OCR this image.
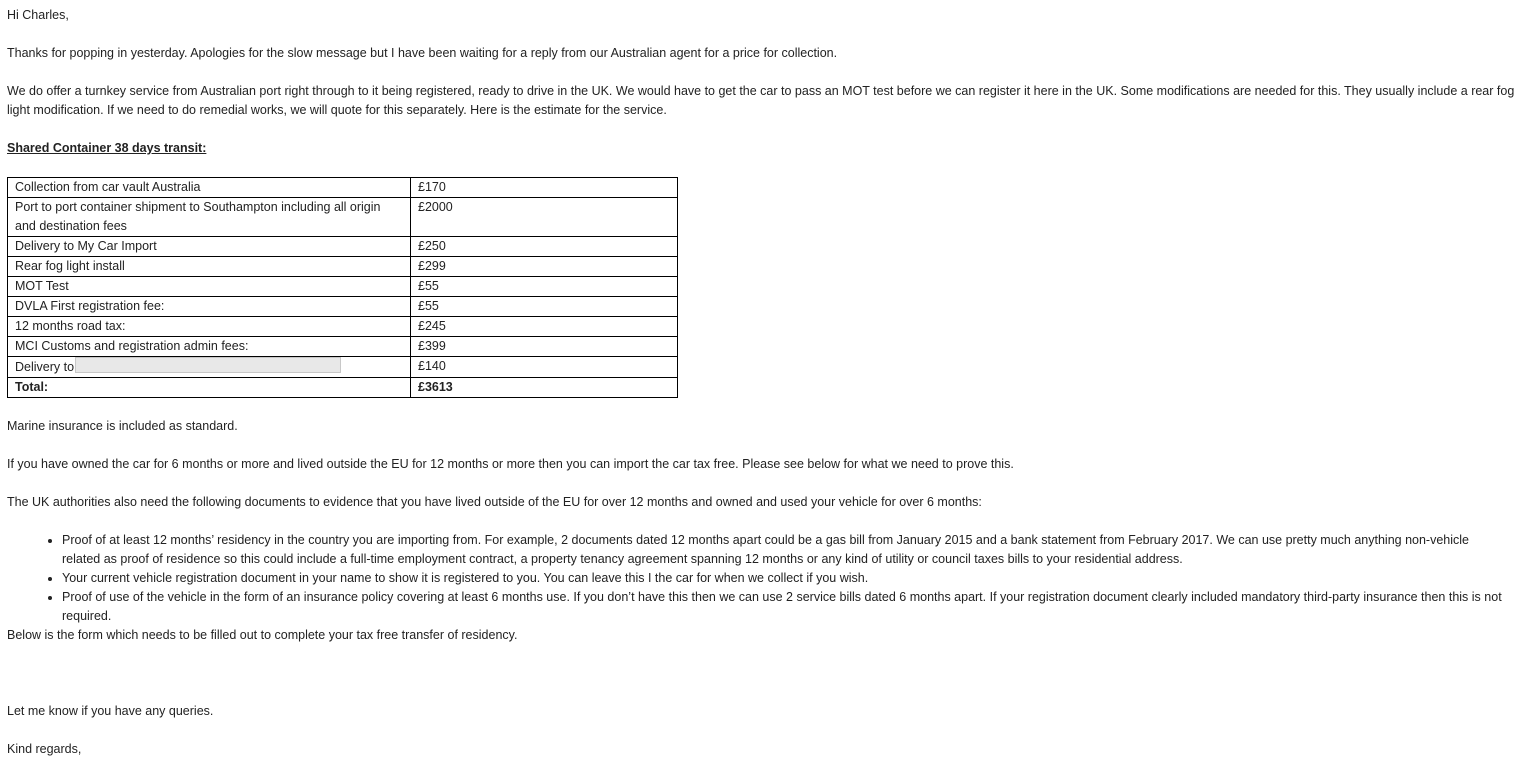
Hi Charles,

Thanks for popping in yesterday. Apologies for the slow message but I have been waiting for a reply from our Australian agent for a price for collection.

We do offer a turnkey service from Australian port right through to it being registered, ready to drive in the UK. We would have to get the car to pass an MOT test before we can register it here in the UK. Some modifications are needed for this. They usually include a rear fog light modification. If we need to do remedial works, we will quote for this separately. Here is the estimate for the service.

Shared Container 38 days transit:

Collection from car vault Australia	£170
Port to port container shipment to Southampton including all origin and destination fees	£2000
Delivery to My Car Import	£250
Rear fog light install	£299
MOT Test	£55
DVLA First registration fee:	£55
12 months road tax:	£245
MCI Customs and registration admin fees:	£399
Delivery to	£140
Total:	£3613

Marine insurance is included as standard.

If you have owned the car for 6 months or more and lived outside the EU for 12 months or more then you can import the car tax free. Please see below for what we need to prove this.

The UK authorities also need the following documents to evidence that you have lived outside of the EU for over 12 months and owned and used your vehicle for over 6 months:

• Proof of at least 12 months’ residency in the country you are importing from. For example, 2 documents dated 12 months apart could be a gas bill from January 2015 and a bank statement from February 2017. We can use pretty much anything non-vehicle related as proof of residence so this could include a full-time employment contract, a property tenancy agreement spanning 12 months or any kind of utility or council taxes bills to your residential address.
• Your current vehicle registration document in your name to show it is registered to you. You can leave this I the car for when we collect if you wish.
• Proof of use of the vehicle in the form of an insurance policy covering at least 6 months use. If you don’t have this then we can use 2 service bills dated 6 months apart. If your registration document clearly included mandatory third-party insurance then this is not required.

Below is the form which needs to be filled out to complete your tax free transfer of residency.

Let me know if you have any queries.

Kind regards,
